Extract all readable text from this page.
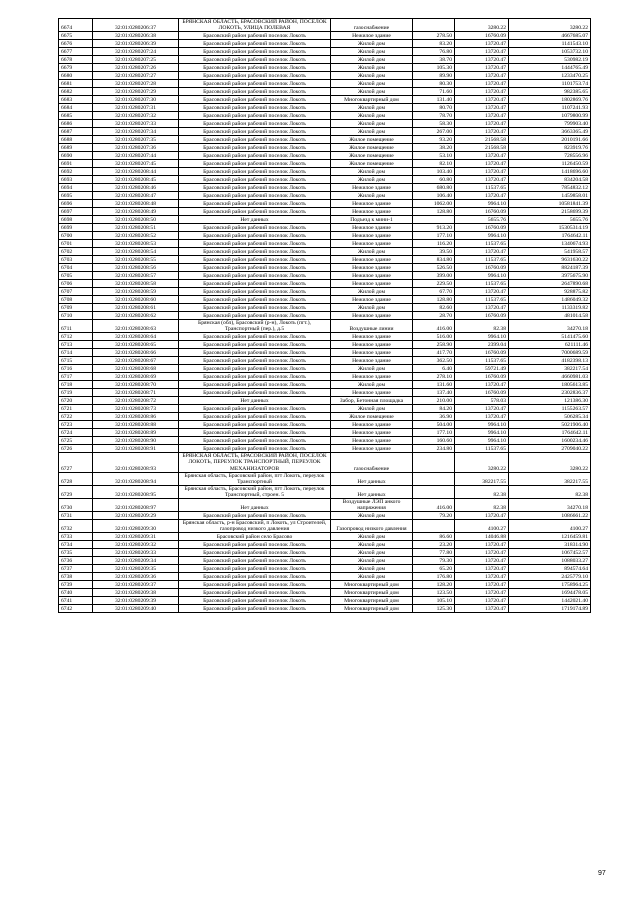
6674	32:01:0280206:37	БРЯНСКАЯ ОБЛАСТЬ, БРАСОВСКИЙ РАЙОН, ПОСЁЛОК ЛОКОТЬ, УЛИЦА ПОЛЕВАЯ	газоснабжение		3280.22	3280.22
6675	32:01:0280206:38	Брасовский район рабочий поселок Локоть	Нежилое здание	278.50	16760.09	4667685.07
6676	32:01:0280206:39	Брасовский район рабочий поселок Локоть	Жилой дом	83.20	13720.47	1141543.10
6677	32:01:0280207:24	Брасовский район рабочий поселок Локоть	Жилой дом	76.80	13720.47	1053732.10
6678	32:01:0280207:25	Брасовский район рабочий поселок Локоть	Жилой дом	38.70	13720.47	530982.19
6679	32:01:0280207:26	Брасовский район рабочий поселок Локоть	Жилой дом	105.30	13720.47	1444765.49
6680	32:01:0280207:27	Брасовский район рабочий поселок Локоть	Жилой дом	89.90	13720.47	1233470.25
6681	32:01:0280207:28	Брасовский район рабочий поселок Локоть	Жилой дом	80.30	13720.47	1101753.74
6682	32:01:0280207:29	Брасовский район рабочий поселок Локоть	Жилой дом	71.60	13720.47	982385.65
6683	32:01:0280207:30	Брасовский район рабочий поселок Локоть	Многоквартирный дом	131.40	13720.47	1802869.76
6684	32:01:0280207:31	Брасовский район рабочий поселок Локоть	Жилой дом	80.70	13720.47	1107241.93
6685	32:01:0280207:32	Брасовский район рабочий поселок Локоть	Жилой дом	78.70	13720.47	1079800.99
6686	32:01:0280207:33	Брасовский район рабочий поселок Локоть	Жилой дом	58.30	13720.47	799903.40
6687	32:01:0280207:34	Брасовский район рабочий поселок Локоть	Жилой дом	267.00	13720.47	3663365.49
6688	32:01:0280207:35	Брасовский район рабочий поселок Локоть	Жилое помещение	93.20	21568.58	2010191.66
6689	32:01:0280207:36	Брасовский район рабочий поселок Локоть	Жилое помещение	38.20	21568.58	823919.76
6690	32:01:0280207:44	Брасовский район рабочий поселок Локоть	Жилое помещение	53.10	13720.47	728556.96
6691	32:01:0280207:45	Брасовский район рабочий поселок Локоть	Жилое помещение	82.10	13720.47	1126450.59
6692	32:01:0280208:44	Брасовский район рабочий поселок Локоть	Жилой дом	103.40	13720.47	1418696.60
6693	32:01:0280208:45	Брасовский район рабочий поселок Локоть	Жилой дом	60.80	13720.47	834204.58
6694	32:01:0280208:46	Брасовский район рабочий поселок Локоть	Нежилое здание	680.80	11537.65	7854832.12
6695	32:01:0280208:47	Брасовский район рабочий поселок Локоть	Жилой дом	106.40	13720.47	1459858.01
6696	32:01:0280208:48	Брасовский район рабочий поселок Локоть	Нежилое здание	1062.00	9964.10	10581841.39
6697	32:01:0280208:49	Брасовский район рабочий поселок Локоть	Нежилое здание	128.80	16760.09	2158699.39
6698	32:01:0280208:50	Нет данных	Подъезд к мини-1		5655.76	5655.76
6699	32:01:0280208:51	Брасовский район рабочий поселок Локоть	Нежилое здание	913.20	16760.09	15305314.19
6700	32:01:0280208:52	Брасовский район рабочий поселок Локоть	Нежилое здание	177.10	9964.10	1764642.11
6701	32:01:0280208:53	Брасовский район рабочий поселок Локоть	Нежилое здание	116.20	11537.65	1340674.93
6702	32:01:0280208:54	Брасовский район рабочий поселок Локоть	Жилой дом	39.50	13720.47	541958.57
6703	32:01:0280208:55	Брасовский район рабочий поселок Локоть	Нежилое здание	834.80	11537.65	9631630.22
6704	32:01:0280208:56	Брасовский район рабочий поселок Локоть	Нежилое здание	526.50	16760.09	8824187.39
6705	32:01:0280208:57	Брасовский район рабочий поселок Локоть	Нежилое здание	399.00	9964.10	3975675.90
6706	32:01:0280208:58	Брасовский район рабочий поселок Локоть	Нежилое здание	229.50	11537.65	2647890.68
6707	32:01:0280208:59	Брасовский район рабочий поселок Локоть	Жилой дом	67.70	13720.47	928875.82
6708	32:01:0280208:60	Брасовский район рабочий поселок Локоть	Нежилое здание	128.80	11537.65	1486049.32
6709	32:01:0280208:61	Брасовский район рабочий поселок Локоть	Жилой дом	82.60	13720.47	1133319.82
6710	32:01:0280208:62	Брасовский район рабочий поселок Локоть	Нежилое здание	28.70	16760.09	481014.58
6711	32:01:0280208:63	Брянская (обл), Брасовский (р-н), Локоть (пгт.), Транспортный (пер.), д.5	Воздушные линии	416.00	82.38	34270.18
6712	32:01:0280208:64	Брасовский район рабочий поселок Локоть	Нежилое здание	516.00	9964.10	5141475.60
6713	32:01:0280208:65	Брасовский район рабочий поселок Локоть	Нежилое здание	258.90	2399.04	621111.46
6714	32:01:0280208:66	Брасовский район рабочий поселок Локоть	Нежилое здание	417.70	16760.09	7000689.59
6715	32:01:0280208:67	Брасовский район рабочий поселок Локоть	Нежилое здание	362.50	11537.65	4182398.13
6716	32:01:0280208:68	Брасовский район рабочий поселок Локоть	Жилой дом	6.40	59721.49	382217.54
6717	32:01:0280208:69	Брасовский район рабочий поселок Локоть	Нежилое здание	278.10	16760.09	4660981.03
6718	32:01:0280208:70	Брасовский район рабочий поселок Локоть	Жилой дом	131.60	13720.47	1805613.85
6719	32:01:0280208:71	Брасовский район рабочий поселок Локоть	Нежилое здание	137.40	16760.09	2302836.37
6720	32:01:0280208:72	Нет данных	Забор, Бетонная площадка	210.00	578.03	121386.30
6721	32:01:0280208:73	Брасовский район рабочий поселок Локоть	Жилой дом	84.20	13720.47	1155263.57
6722	32:01:0280208:86	Брасовский район рабочий поселок Локоть	Жилое помещение	36.90	13720.47	506285.34
6723	32:01:0280208:88	Брасовский район рабочий поселок Локоть	Нежилое здание	504.00	9964.10	5021906.40
6724	32:01:0280208:89	Брасовский район рабочий поселок Локоть	Нежилое здание	177.10	9964.10	1764642.11
6725	32:01:0280208:90	Брасовский район рабочий поселок Локоть	Нежилое здание	160.60	9964.10	1600234.46
6726	32:01:0280208:91	Брасовский район рабочий поселок Локоть	Нежилое здание	234.80	11537.65	2709040.22
6727	32:01:0280208:93	БРЯНСКАЯ ОБЛАСТЬ, БРАСОВСКИЙ РАЙОН, ПОСЁЛОК ЛОКОТЬ, ПЕРЕУЛОК ТРАНСПОРТНЫЙ, ПЕРЕУЛОК МЕХАНИЗАТОРОВ	газоснабжение		3280.22	3280.22
6728	32:01:0280208:94	Брянская область, Брасовский район, пгт Локоть, переулок Транспортный	Нет данных		382217.55	382217.55
6729	32:01:0280208:95	Брянская область, Брасовский район, пгт Локоть, переулок Транспортный, строен. 5	Нет данных		82.38	82.38
6730	32:01:0280208:97	Нет данных	Воздушные ЛЭП анкого напряжения	416.00	82.38	34270.18
6731	32:01:0280209:29	Брасовский район рабочий поселок Локоть	Жилой дом	79.20	13720.47	1086661.22
6732	32:01:0280209:30	Брянская область, р-н Брасовский, п Локоть, ул Строителей, газопровод низкого давления	Газопровод низкого давления		4100.27	4100.27
6733	32:01:0280209:31	Брасовский район село Брасово	Жилой дом	86.60	14046.88	1216459.81
6734	32:01:0280209:32	Брасовский район рабочий поселок Локоть	Жилой дом	23.20	13720.47	318314.90
6735	32:01:0280209:33	Брасовский район рабочий поселок Локоть	Жилой дом	77.80	13720.47	1067452.57
6736	32:01:0280209:34	Брасовский район рабочий поселок Локоть	Жилой дом	79.30	13720.47	1088033.27
6737	32:01:0280209:35	Брасовский район рабочий поселок Локоть	Жилой дом	65.20	13720.47	894574.64
6738	32:01:0280209:36	Брасовский район рабочий поселок Локоть	Жилой дом	176.80	13720.47	2425779.10
6739	32:01:0280209:37	Брасовский район рабочий поселок Локоть	Многоквартирный дом	128.20	13720.47	1758964.25
6740	32:01:0280209:38	Брасовский район рабочий поселок Локоть	Многоквартирный дом	123.50	13720.47	1694478.05
6741	32:01:0280209:39	Брасовский район рабочий поселок Локоть	Многоквартирный дом	105.10	13720.47	1442021.40
6742	32:01:0280209:40	Брасовский район рабочий поселок Локоть	Многоквартирный дом	125.30	13720.47	1719174.89
97
